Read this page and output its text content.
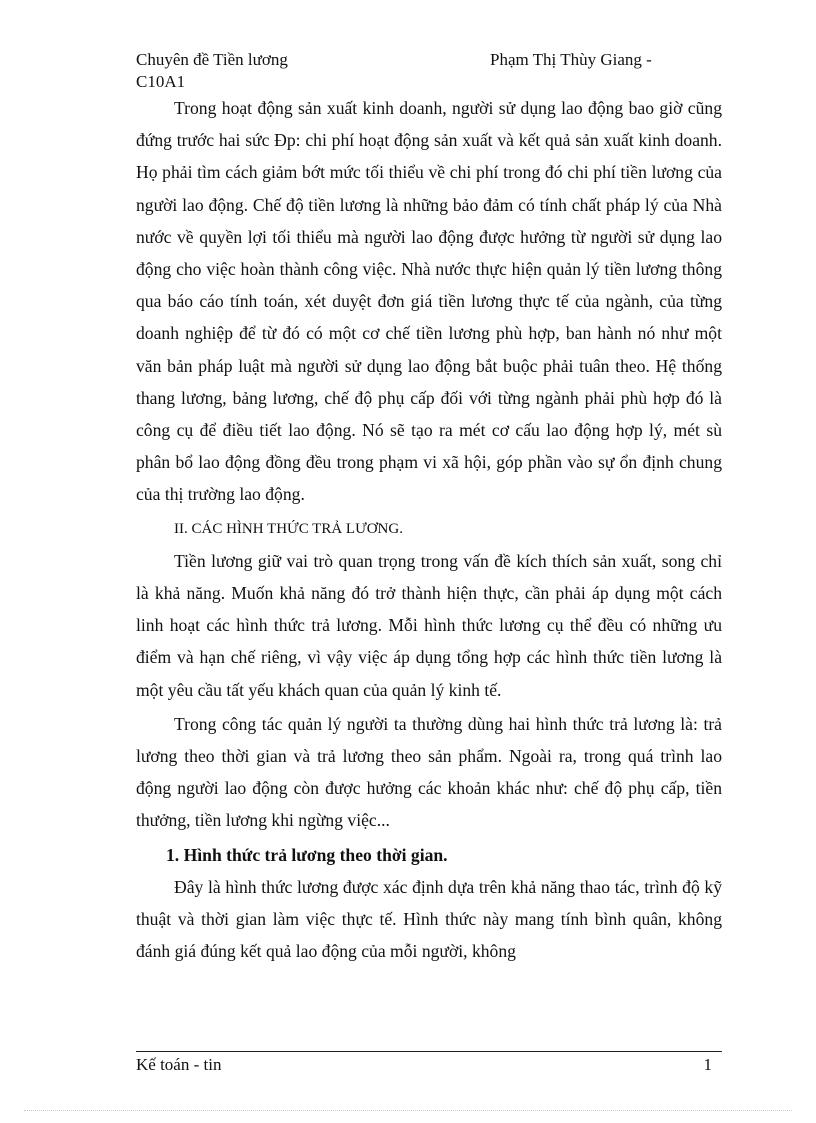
Chuyên đề Tiền lương	Phạm Thị Thùy Giang -
C10A1

Trong hoạt động sản xuất kinh doanh, người sử dụng lao động bao giờ cũng đứng trước hai sức Đp: chi phí hoạt động sản xuất và kết quả sản xuất kinh doanh. Họ phải tìm cách giảm bớt mức tối thiểu về chi phí trong đó chi phí tiền lương của người lao động. Chế độ tiền lương là những bảo đảm có tính chất pháp lý của Nhà nước về quyền lợi tối thiểu mà người lao động được hưởng từ người sử dụng lao động cho việc hoàn thành công việc. Nhà nước thực hiện quản lý tiền lương thông qua báo cáo tính toán, xét duyệt đơn giá tiền lương thực tế của ngành, của từng doanh nghiệp để từ đó có một cơ chế tiền lương phù hợp, ban hành nó như một văn bản pháp luật mà người sử dụng lao động bắt buộc phải tuân theo. Hệ thống thang lương, bảng lương, chế độ phụ cấp đối với từng ngành phải phù hợp đó là công cụ để điều tiết lao động. Nó sẽ tạo ra mét cơ cấu lao động hợp lý, mét sù phân bổ lao động đồng đều trong phạm vi xã hội, góp phần vào sự ổn định chung của thị trường lao động.

II. CÁC HÌNH THỨC TRẢ LƯƠNG.

Tiền lương giữ vai trò quan trọng trong vấn đề kích thích sản xuất, song chỉ là khả năng. Muốn khả năng đó trở thành hiện thực, cần phải áp dụng một cách linh hoạt các hình thức trả lương. Mỗi hình thức lương cụ thể đều có những ưu điểm và hạn chế riêng, vì vậy việc áp dụng tổng hợp các hình thức tiền lương là một yêu cầu tất yếu khách quan của quản lý kinh tế.

Trong công tác quản lý người ta thường dùng hai hình thức trả lương là: trả lương theo thời gian và trả lương theo sản phẩm. Ngoài ra, trong quá trình lao động người lao động còn được hưởng các khoản khác như: chế độ phụ cấp, tiền thưởng, tiền lương khi ngừng việc...

1. Hình thức trả lương theo thời gian.

Đây là hình thức lương được xác định dựa trên khả năng thao tác, trình độ kỹ thuật và thời gian làm việc thực tế. Hình thức này mang tính bình quân, không đánh giá đúng kết quả lao động của mỗi người, không

Kế toán - tin	1
